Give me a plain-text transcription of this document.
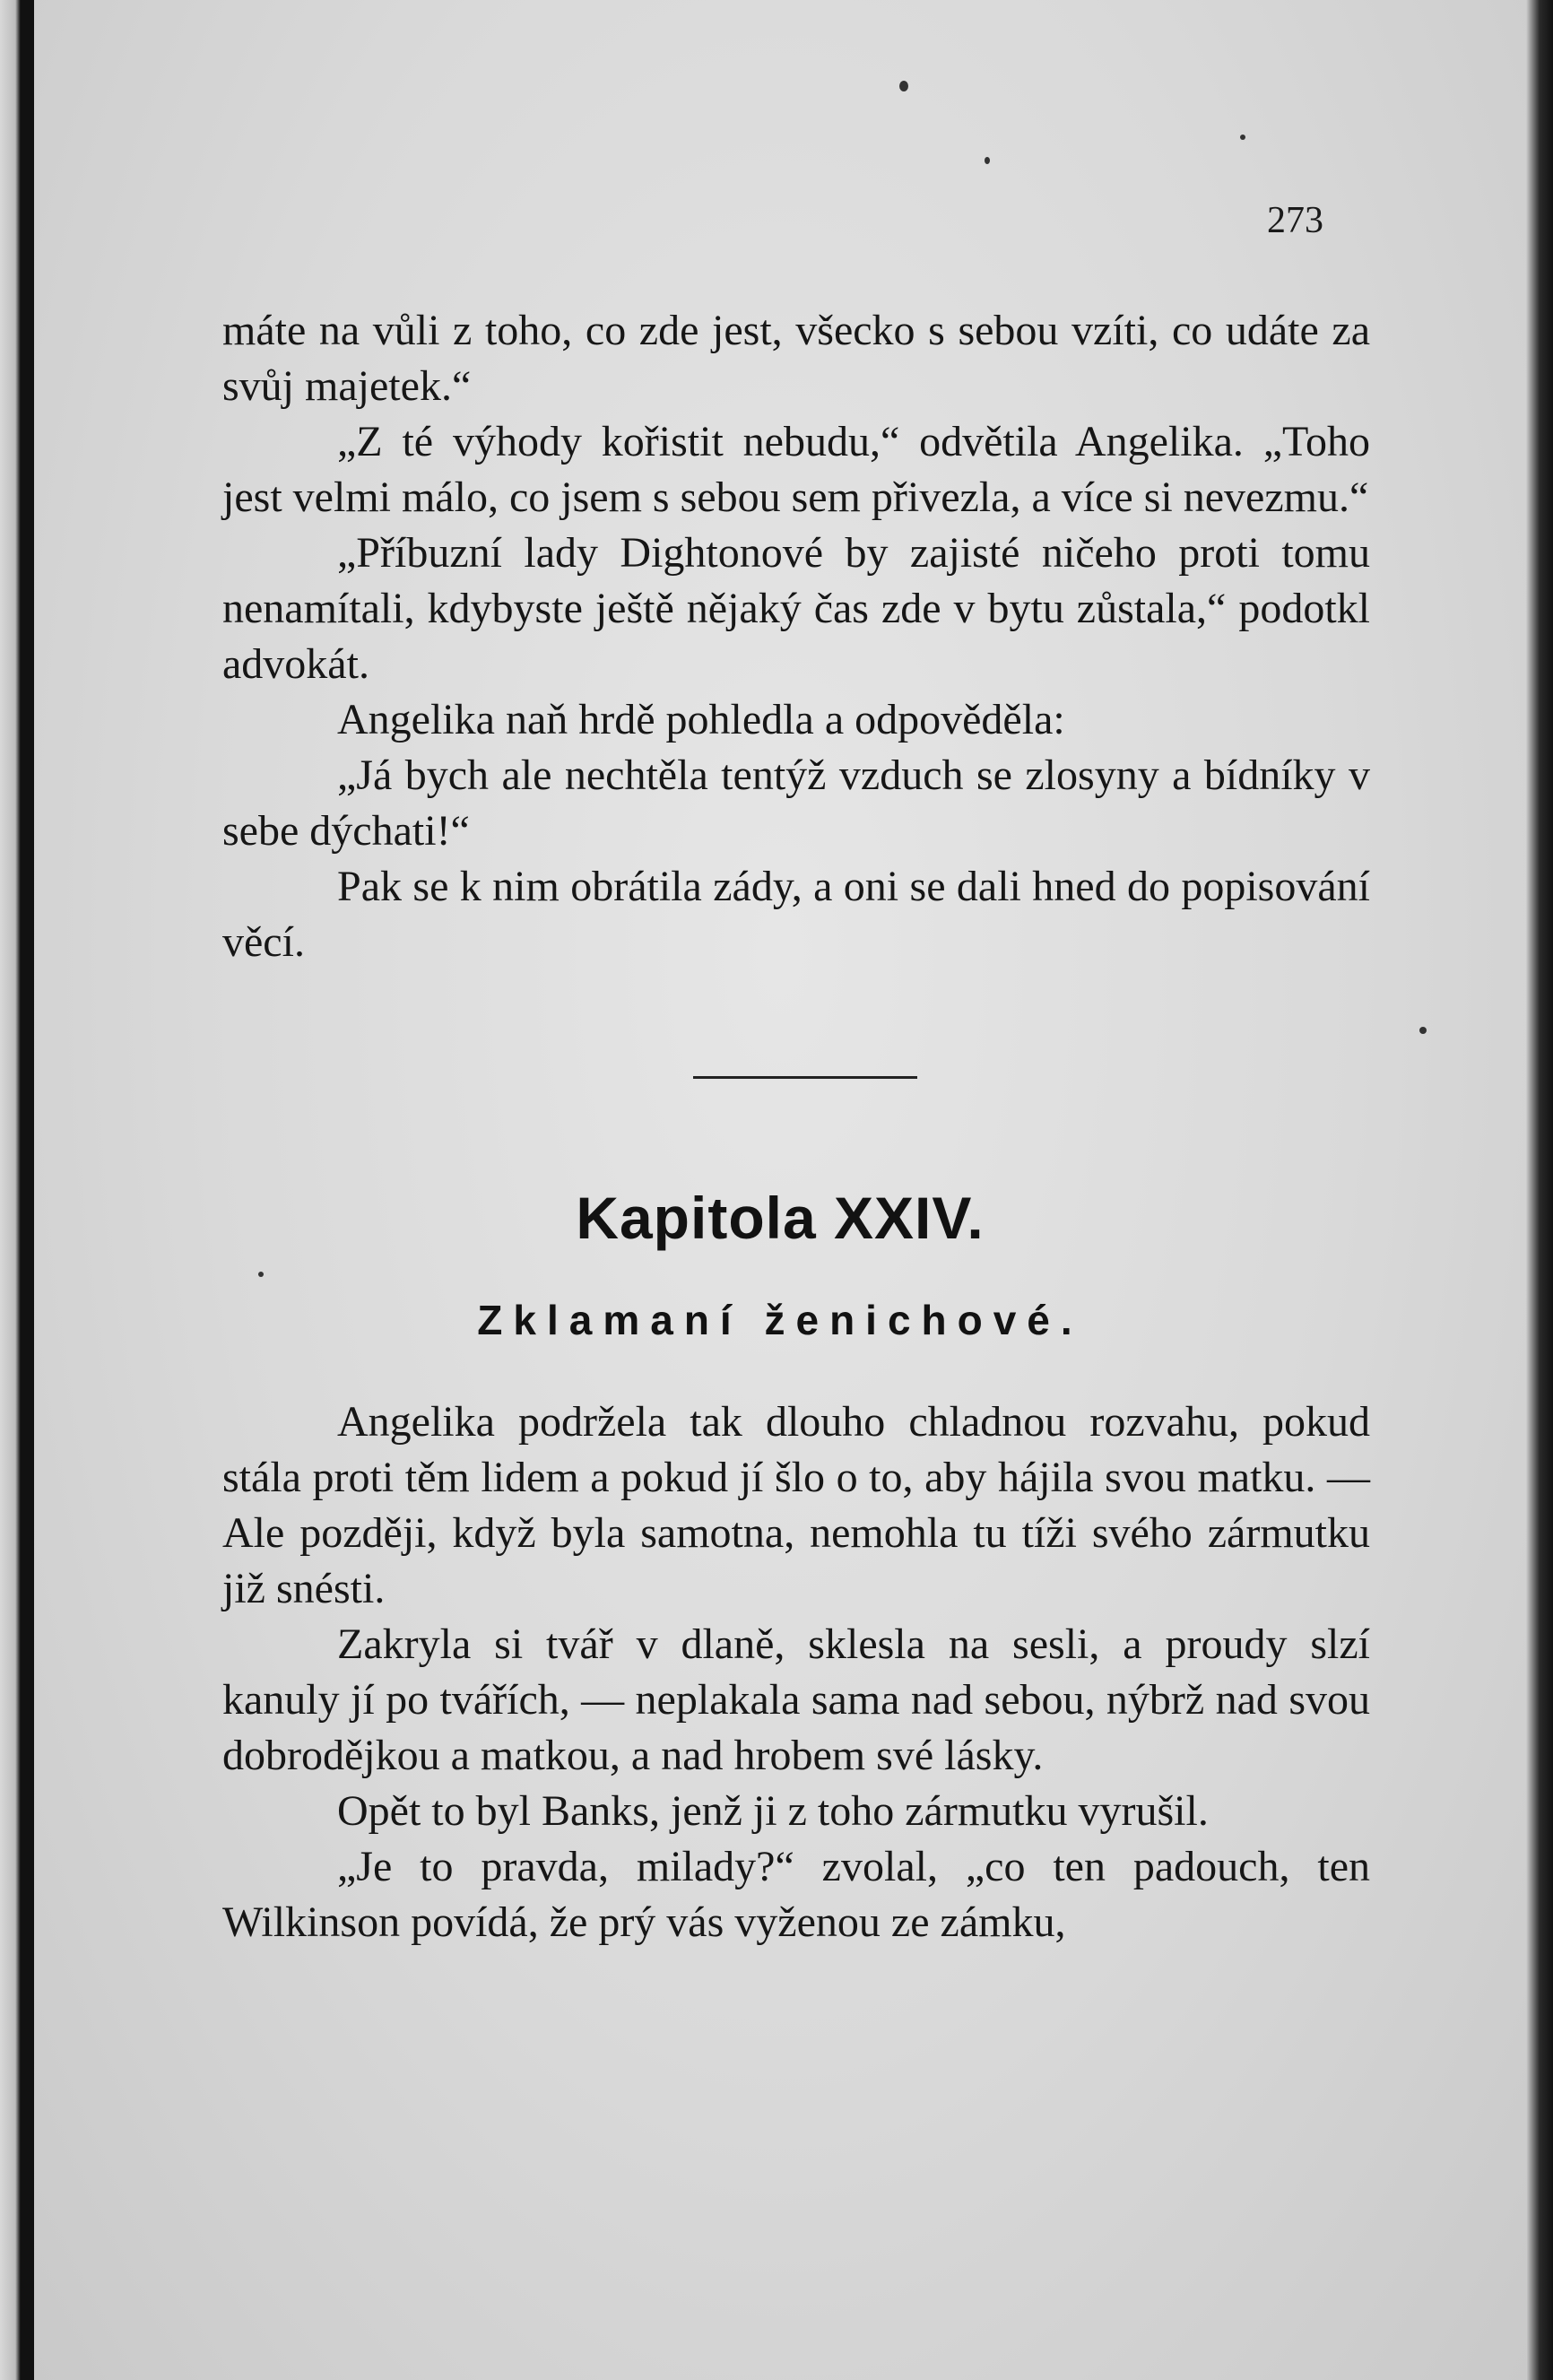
273

máte na vůli z toho, co zde jest, všecko s sebou vzíti, co udáte za svůj majetek.“

„Z té výhody kořistit nebudu,“ odvětila Angelika. „Toho jest velmi málo, co jsem s sebou sem přivezla, a více si nevezmu.“

„Příbuzní lady Dightonové by zajisté ničeho proti tomu nenamítali, kdybyste ještě nějaký čas zde v bytu zůstala,“ podotkl advokát.

Angelika naň hrdě pohledla a odpověděla:

„Já bych ale nechtěla tentýž vzduch se zlosyny a bídníky v sebe dýchati!“

Pak se k nim obrátila zády, a oni se dali hned do popisování věcí.

Kapitola XXIV.
Zklamaní ženichové.

Angelika podržela tak dlouho chladnou rozvahu, pokud stála proti těm lidem a pokud jí šlo o to, aby hájila svou matku. — Ale později, když byla samotna, nemohla tu tíži svého zármutku již snésti.

Zakryla si tvář v dlaně, sklesla na sesli, a proudy slzí kanuly jí po tvářích, — neplakala sama nad sebou, nýbrž nad svou dobrodějkou a matkou, a nad hrobem své lásky.

Opět to byl Banks, jenž ji z toho zármutku vyrušil.

„Je to pravda, milady?“ zvolal, „co ten padouch, ten Wilkinson povídá, že prý vás vyženou ze zámku,
